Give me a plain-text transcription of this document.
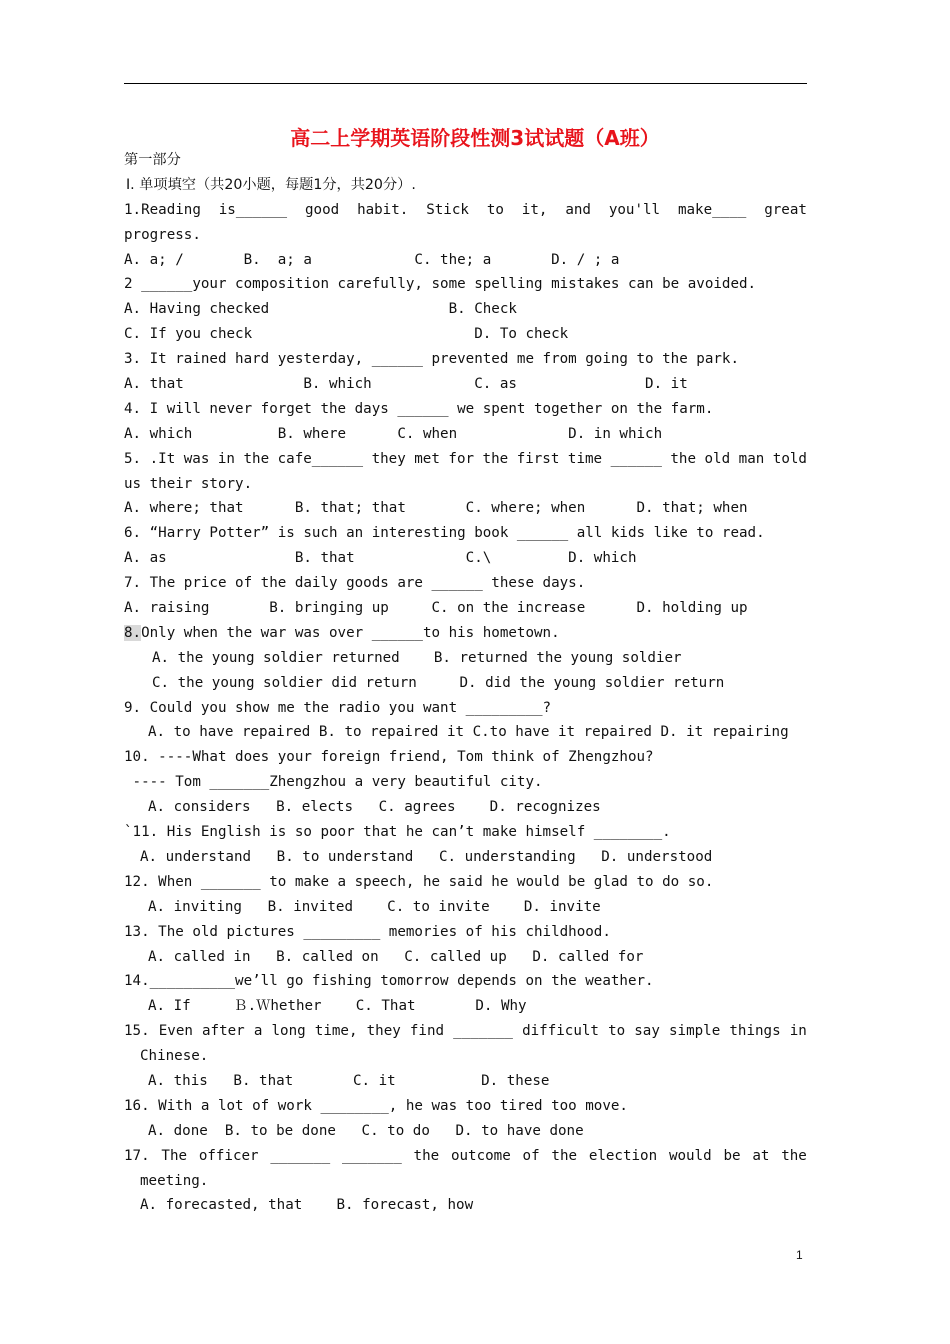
高二上学期英语阶段性测3试试题（A班）
第一部分
Ⅰ. 单项填空（共20小题，每题1分，共20分）.
1.Reading is______ good habit. Stick to it, and you'll make____ great
progress.
A. a; /       B.  a; a            C. the; a       D. / ; a
2 ______your composition carefully, some spelling mistakes can be avoided.
A. Having checked                     B. Check
C. If you check                          D. To check
3. It rained hard yesterday, ______ prevented me from going to the park.
A. that              B. which            C. as               D. it
4. I will never forget the days ______ we spent together on the farm.
A. which          B. where      C. when             D. in which
5. .It was in the cafe______ they met for the first time ______ the old man told
us their story.
A. where; that      B. that; that       C. where; when      D. that; when
6. “Harry Potter” is such an interesting book ______ all kids like to read.
A. as               B. that             C.\         D. which
7. The price of the daily goods are ______ these days.
A. raising       B. bringing up     C. on the increase      D. holding up
8.Only when the war was over ______to his hometown.
A. the young soldier returned    B. returned the young soldier
C. the young soldier did return     D. did the young soldier return
9. Could you show me the radio you want _________?
A. to have repaired B. to repaired it C.to have it repaired D. it repairing
10. ----What does your foreign friend, Tom think of Zhengzhou?
---- Tom _______Zhengzhou a very beautiful city.
A. considers   B. elects   C. agrees    D. recognizes
`11. His English is so poor that he can’t make himself ________.
A. understand   B. to understand   C. understanding   D. understood
12. When _______ to make a speech, he said he would be glad to do so.
A. inviting   B. invited    C. to invite    D. invite
13. The old pictures _________ memories of his childhood.
A. called in   B. called on   C. called up   D. called for
14.__________we’ll go fishing tomorrow depends on the weather.
A. If     Ｂ.Ｗhether    C. That       D. Why
15. Even after a long time, they find _______ difficult to say simple things in
Chinese.
A. this   B. that       C. it          D. these
16. With a lot of work ________, he was too tired too move.
A. done  B. to be done   C. to do   D. to have done
17. The officer _______ _______ the outcome of the election would be at the
meeting.
A. forecasted, that    B. forecast, how
1
